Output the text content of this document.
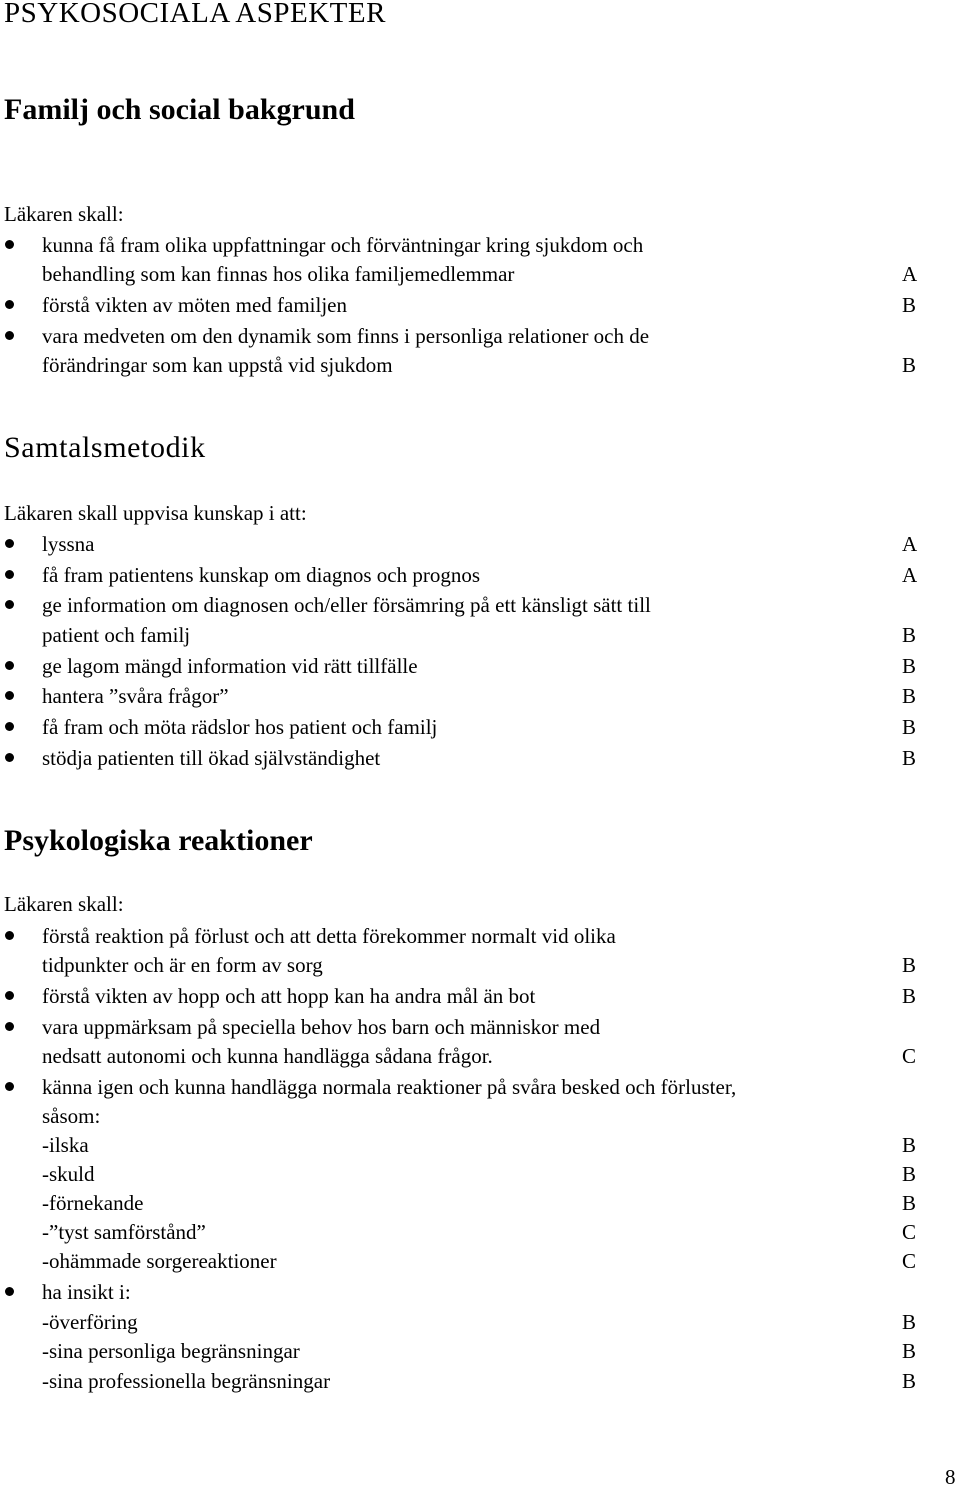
PSYKOSOCIALA ASPEKTER
Familj och social bakgrund
Läkaren skall:
kunna få fram olika uppfattningar och förväntningar kring sjukdom och
behandling som kan finnas hos olika familjemedlemmar	A
förstå vikten av möten med familjen	B
vara medveten om den dynamik som finns i personliga relationer och de
förändringar som kan uppstå vid sjukdom	B
Samtalsmetodik
Läkaren skall uppvisa kunskap i att:
lyssna	A
få fram patientens kunskap om diagnos och prognos	A
ge information om diagnosen och/eller försämring på ett känsligt sätt till
patient och familj	B
ge lagom mängd information vid rätt tillfälle	B
hantera ”svåra frågor”	B
få fram och möta rädslor hos patient och familj	B
stödja patienten till ökad självständighet	B
Psykologiska reaktioner
Läkaren skall:
förstå reaktion på förlust och att detta förekommer normalt vid olika
tidpunkter och är en form av sorg	B
förstå vikten av hopp och att hopp kan ha andra mål än bot	B
vara uppmärksam på speciella behov hos barn och människor med
nedsatt autonomi och kunna handlägga sådana frågor.	C
känna igen och kunna handlägga normala reaktioner på svåra besked och förluster,
såsom:
-ilska	B
-skuld	B
-förnekande	B
-”tyst samförstånd”	C
-ohämmade sorgereaktioner	C
ha insikt i:
-överföring	B
-sina personliga begränsningar	B
-sina professionella begränsningar	B
8
